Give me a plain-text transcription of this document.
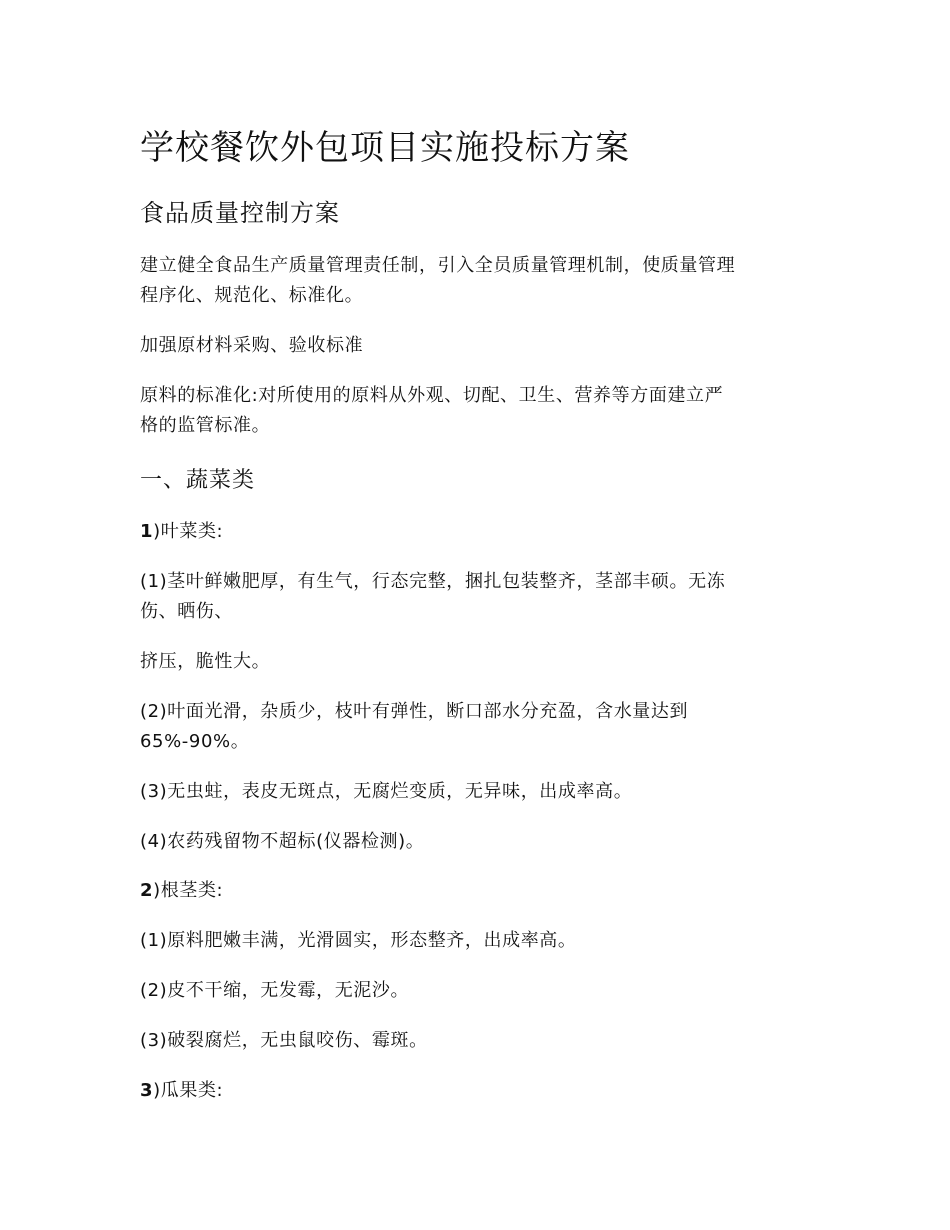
学校餐饮外包项目实施投标方案
食品质量控制方案

建立健全食品生产质量管理责任制，引入全员质量管理机制，使质量管理

程序化、规范化、标准化。

加强原材料采购、验收标准

原料的标准化:对所使用的原料从外观、切配、卫生、营养等方面建立严

格的监管标准。

一、蔬菜类

1)叶菜类:

(1)茎叶鲜嫩肥厚，有生气，行态完整，捆扎包装整齐，茎部丰硕。无冻

伤、晒伤、

挤压，脆性大。

(2)叶面光滑，杂质少，枝叶有弹性，断口部水分充盈，含水量达到

65%-90%。

(3)无虫蛀，表皮无斑点，无腐烂变质，无异味，出成率高。

(4)农药残留物不超标(仪器检测)。

2)根茎类:

(1)原料肥嫩丰满，光滑圆实，形态整齐，出成率高。

(2)皮不干缩，无发霉，无泥沙。

(3)破裂腐烂，无虫鼠咬伤、霉斑。

3)瓜果类:
